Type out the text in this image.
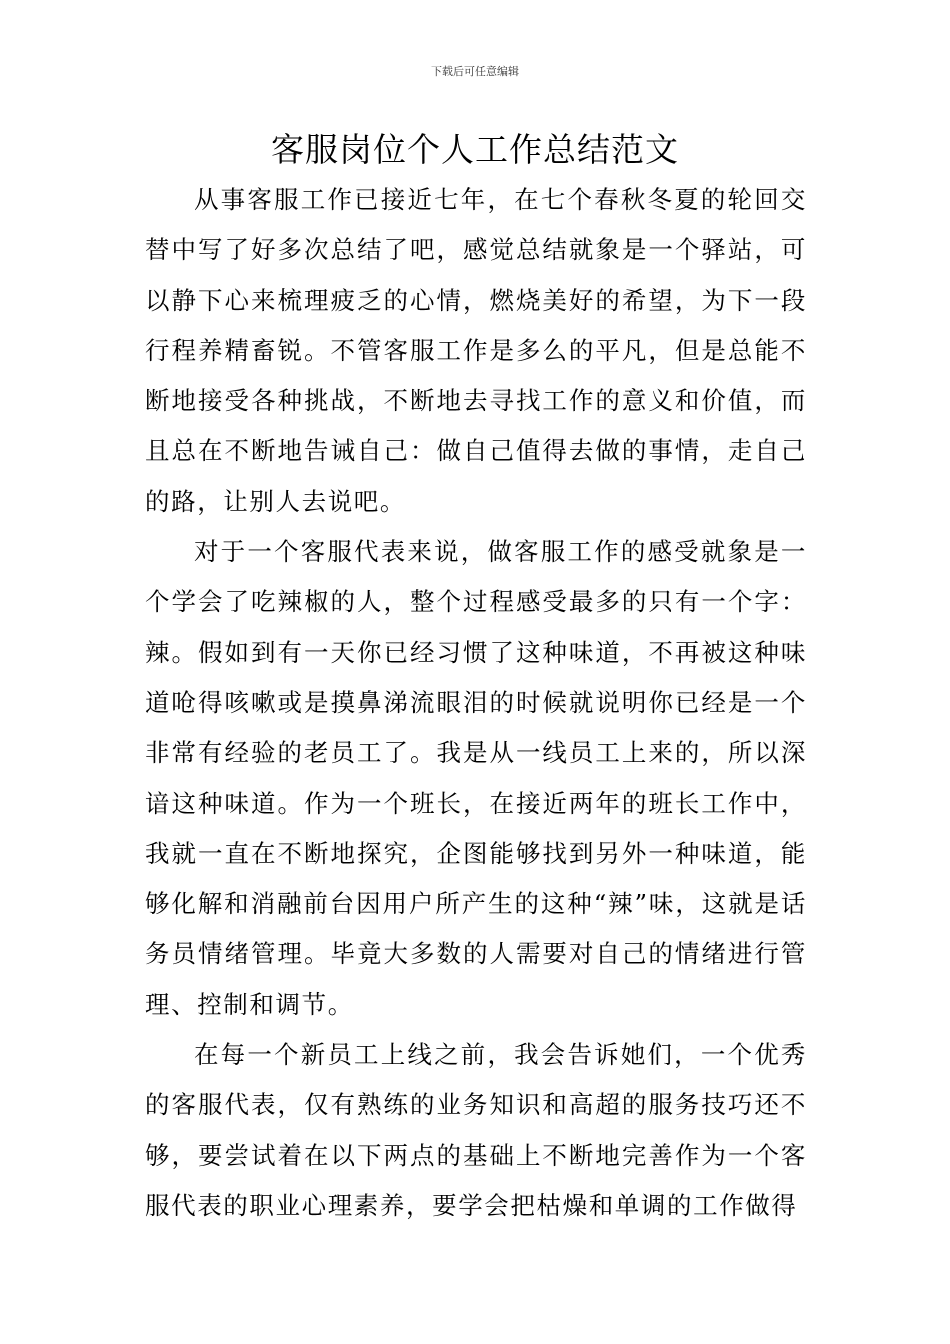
下载后可任意编辑
客服岗位个人工作总结范文

从事客服工作已接近七年，在七个春秋冬夏的轮回交替中写了好多次总结了吧，感觉总结就象是一个驿站，可以静下心来梳理疲乏的心情，燃烧美好的希望，为下一段行程养精畜锐。不管客服工作是多么的平凡，但是总能不断地接受各种挑战，不断地去寻找工作的意义和价值，而且总在不断地告诫自己：做自己值得去做的事情，走自己的路，让别人去说吧。

对于一个客服代表来说，做客服工作的感受就象是一个学会了吃辣椒的人，整个过程感受最多的只有一个字：辣。假如到有一天你已经习惯了这种味道，不再被这种味道呛得咳嗽或是摸鼻涕流眼泪的时候就说明你已经是一个非常有经验的老员工了。我是从一线员工上来的，所以深谙这种味道。作为一个班长，在接近两年的班长工作中，我就一直在不断地探究，企图能够找到另外一种味道，能够化解和消融前台因用户所产生的这种“辣”味，这就是话务员情绪管理。毕竟大多数的人需要对自己的情绪进行管理、控制和调节。

在每一个新员工上线之前，我会告诉她们，一个优秀的客服代表，仅有熟练的业务知识和高超的服务技巧还不够，要尝试着在以下两点的基础上不断地完善作为一个客服代表的职业心理素养，要学会把枯燥和单调的工作做得
